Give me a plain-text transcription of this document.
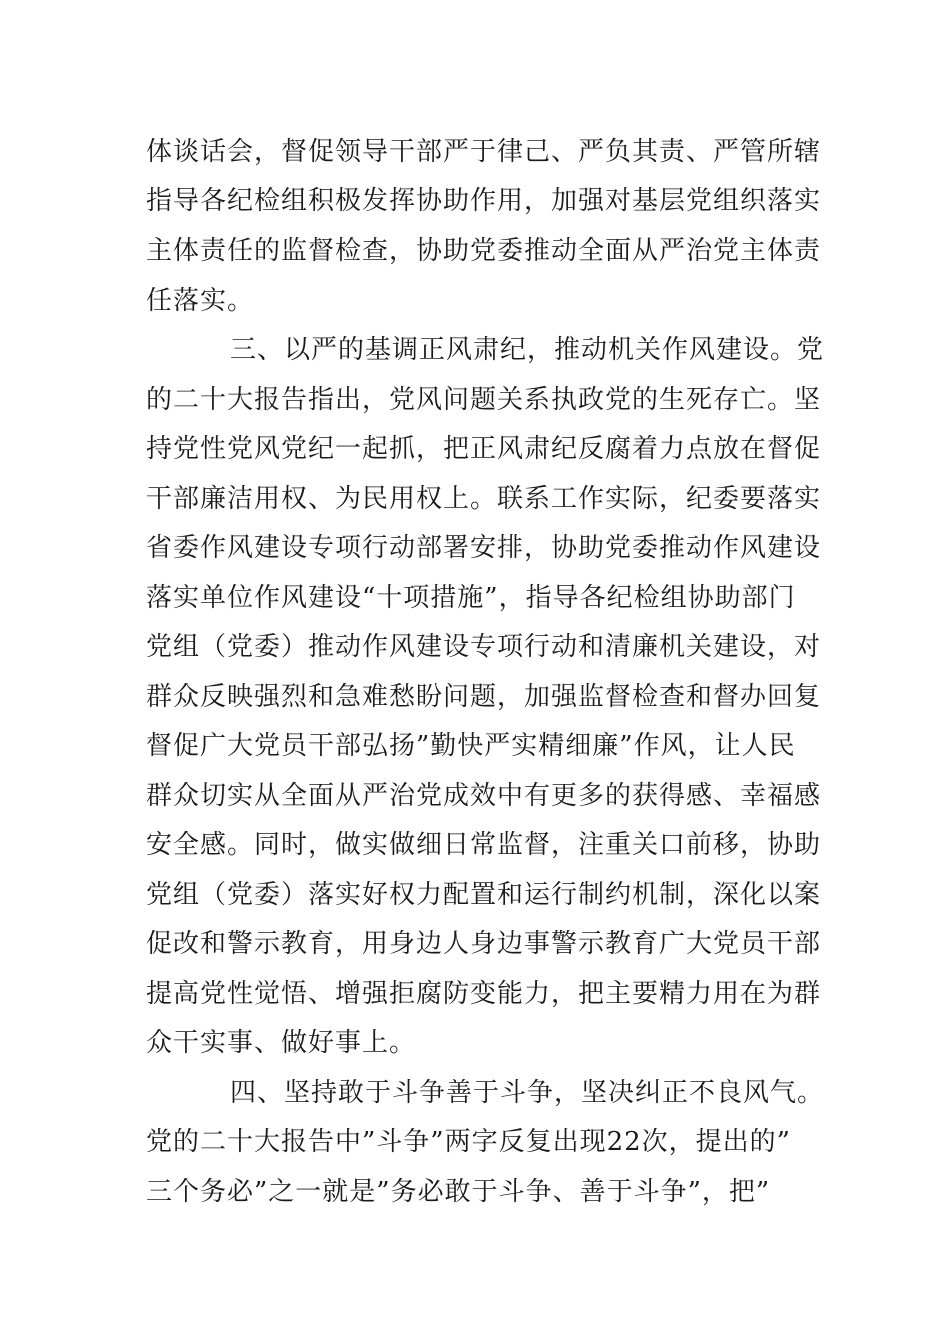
体谈话会，督促领导干部严于律己、严负其责、严管所辖
指导各纪检组积极发挥协助作用，加强对基层党组织落实
主体责任的监督检查，协助党委推动全面从严治党主体责
任落实。
三、以严的基调正风肃纪，推动机关作风建设。党
的二十大报告指出，党风问题关系执政党的生死存亡。坚
持党性党风党纪一起抓，把正风肃纪反腐着力点放在督促
干部廉洁用权、为民用权上。联系工作实际，纪委要落实
省委作风建设专项行动部署安排，协助党委推动作风建设
落实单位作风建设“十项措施”，指导各纪检组协助部门
党组（党委）推动作风建设专项行动和清廉机关建设，对
群众反映强烈和急难愁盼问题，加强监督检查和督办回复
督促广大党员干部弘扬”勤快严实精细廉”作风，让人民
群众切实从全面从严治党成效中有更多的获得感、幸福感
安全感。同时，做实做细日常监督，注重关口前移，协助
党组（党委）落实好权力配置和运行制约机制，深化以案
促改和警示教育，用身边人身边事警示教育广大党员干部
提高党性觉悟、增强拒腐防变能力，把主要精力用在为群
众干实事、做好事上。
四、坚持敢于斗争善于斗争，坚决纠正不良风气。
党的二十大报告中”斗争”两字反复出现22次，提出的”
三个务必”之一就是”务必敢于斗争、善于斗争”，把”
